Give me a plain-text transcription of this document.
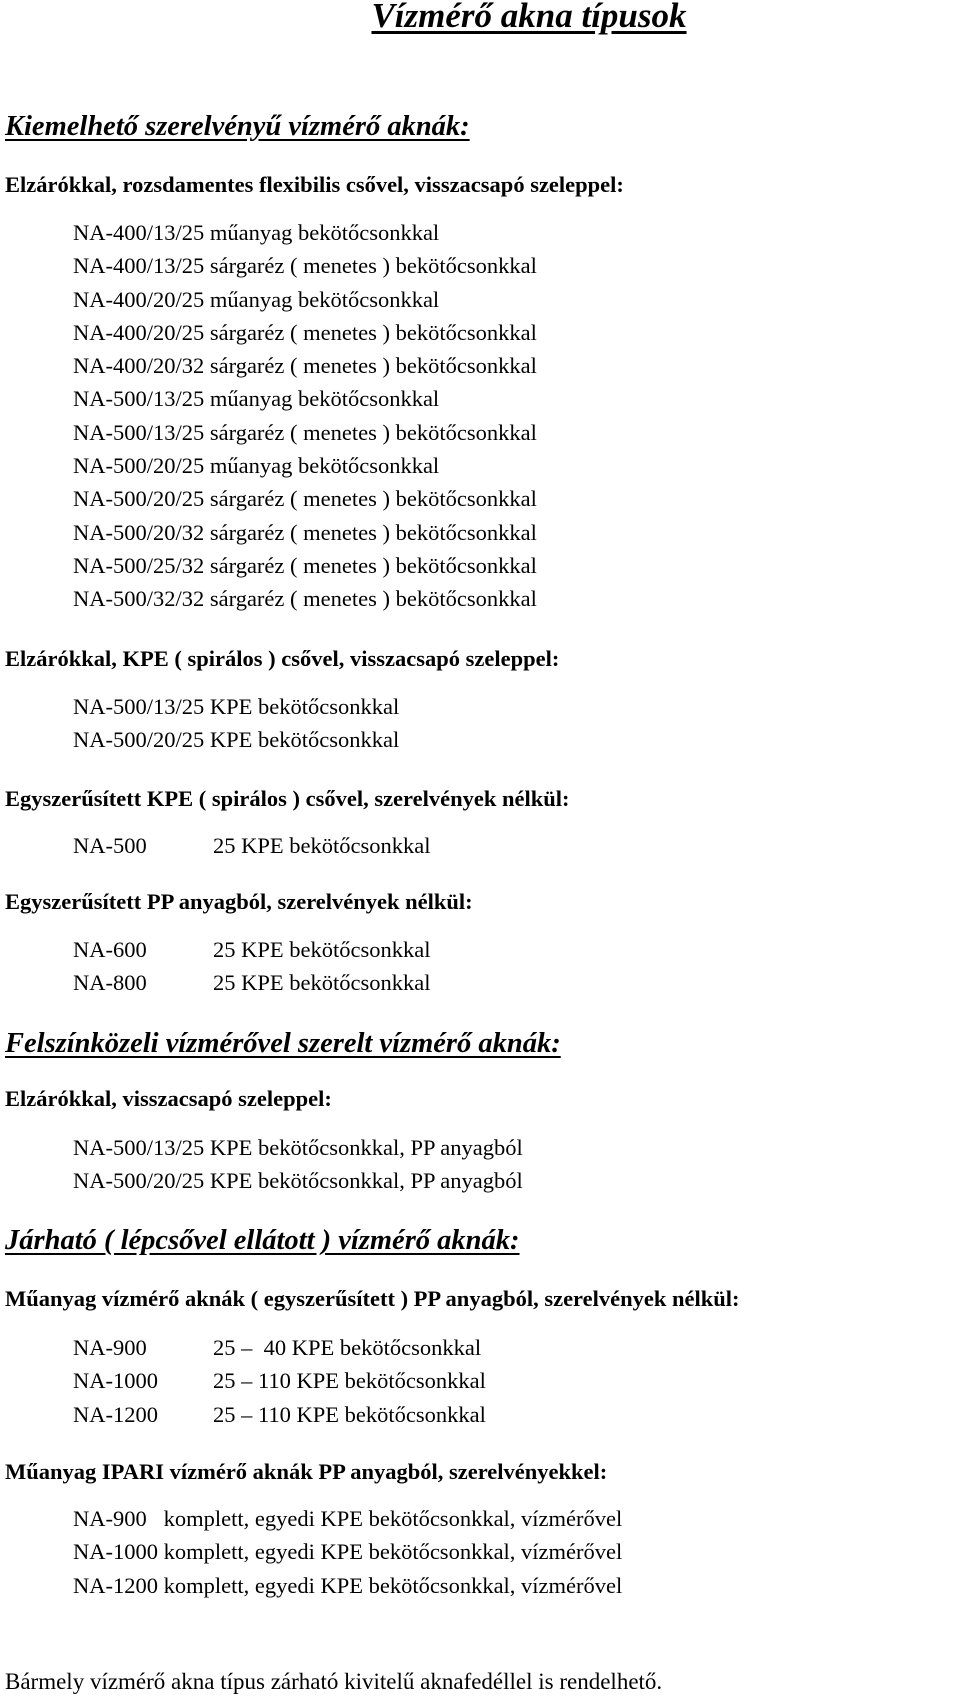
Vízmérő akna típusok
Kiemelhető szerelvényű vízmérő aknák:
Elzárókkal, rozsdamentes flexibilis csővel, visszacsapó szeleppel:
NA-400/13/25 műanyag bekötőcsonkkal
NA-400/13/25 sárgaréz ( menetes ) bekötőcsonkkal
NA-400/20/25 műanyag bekötőcsonkkal
NA-400/20/25 sárgaréz ( menetes ) bekötőcsonkkal
NA-400/20/32 sárgaréz ( menetes ) bekötőcsonkkal
NA-500/13/25 műanyag bekötőcsonkkal
NA-500/13/25 sárgaréz ( menetes ) bekötőcsonkkal
NA-500/20/25 műanyag bekötőcsonkkal
NA-500/20/25 sárgaréz ( menetes ) bekötőcsonkkal
NA-500/20/32 sárgaréz ( menetes ) bekötőcsonkkal
NA-500/25/32 sárgaréz ( menetes ) bekötőcsonkkal
NA-500/32/32 sárgaréz ( menetes ) bekötőcsonkkal
Elzárókkal, KPE ( spirálos ) csővel, visszacsapó szeleppel:
NA-500/13/25 KPE bekötőcsonkkal
NA-500/20/25 KPE bekötőcsonkkal
Egyszerűsített KPE ( spirálos ) csővel, szerelvények nélkül:
NA-500	25 KPE bekötőcsonkkal
Egyszerűsített PP anyagból, szerelvények nélkül:
NA-600	25 KPE bekötőcsonkkal
NA-800	25 KPE bekötőcsonkkal
Felszínközeli vízmérővel szerelt vízmérő aknák:
Elzárókkal, visszacsapó szeleppel:
NA-500/13/25 KPE bekötőcsonkkal, PP anyagból
NA-500/20/25 KPE bekötőcsonkkal, PP anyagból
Járható ( lépcsővel ellátott ) vízmérő aknák:
Műanyag vízmérő aknák ( egyszerűsített ) PP anyagból, szerelvények nélkül:
NA-900	25 –  40 KPE bekötőcsonkkal
NA-1000 25 – 110 KPE bekötőcsonkkal
NA-1200 25 – 110 KPE bekötőcsonkkal
Műanyag IPARI vízmérő aknák PP anyagból, szerelvényekkel:
NA-900   komplett, egyedi KPE bekötőcsonkkal, vízmérővel
NA-1000 komplett, egyedi KPE bekötőcsonkkal, vízmérővel
NA-1200 komplett, egyedi KPE bekötőcsonkkal, vízmérővel
Bármely vízmérő akna típus zárható kivitelű aknafedéllel is rendelhető.
